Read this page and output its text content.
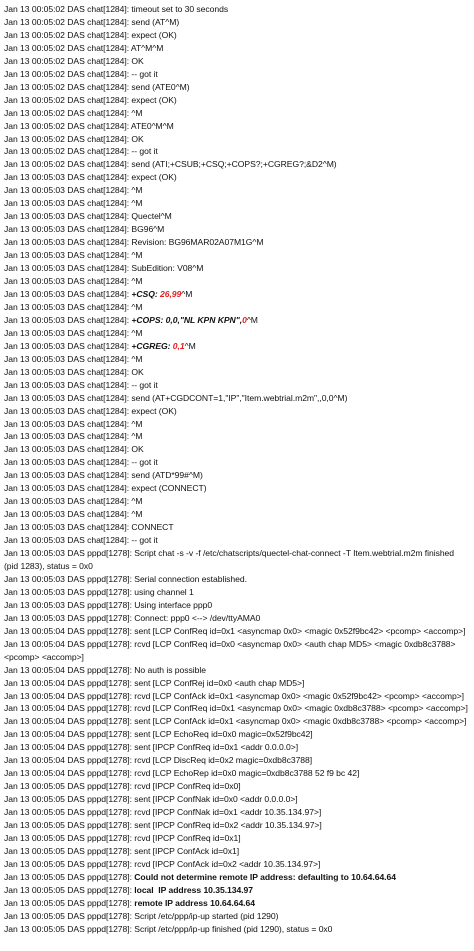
Jan 13 00:05:02 DAS chat[1284]: timeout set to 30 seconds
Jan 13 00:05:02 DAS chat[1284]: send (AT^M)
Jan 13 00:05:02 DAS chat[1284]: expect (OK)
Jan 13 00:05:02 DAS chat[1284]: AT^M^M
Jan 13 00:05:02 DAS chat[1284]: OK
Jan 13 00:05:02 DAS chat[1284]: -- got it
Jan 13 00:05:02 DAS chat[1284]: send (ATE0^M)
Jan 13 00:05:02 DAS chat[1284]: expect (OK)
Jan 13 00:05:02 DAS chat[1284]: ^M
Jan 13 00:05:02 DAS chat[1284]: ATE0^M^M
Jan 13 00:05:02 DAS chat[1284]: OK
Jan 13 00:05:02 DAS chat[1284]: -- got it
Jan 13 00:05:02 DAS chat[1284]: send (ATI;+CSUB;+CSQ;+COPS?;+CGREG?;&D2^M)
Jan 13 00:05:03 DAS chat[1284]: expect (OK)
Jan 13 00:05:03 DAS chat[1284]: ^M
Jan 13 00:05:03 DAS chat[1284]: ^M
Jan 13 00:05:03 DAS chat[1284]: Quectel^M
Jan 13 00:05:03 DAS chat[1284]: BG96^M
Jan 13 00:05:03 DAS chat[1284]: Revision: BG96MAR02A07M1G^M
Jan 13 00:05:03 DAS chat[1284]: ^M
Jan 13 00:05:03 DAS chat[1284]: SubEdition: V08^M
Jan 13 00:05:03 DAS chat[1284]: ^M
Jan 13 00:05:03 DAS chat[1284]: +CSQ: 26,99^M
Jan 13 00:05:03 DAS chat[1284]: ^M
Jan 13 00:05:03 DAS chat[1284]: +COPS: 0,0,"NL KPN KPN",0^M
Jan 13 00:05:03 DAS chat[1284]: ^M
Jan 13 00:05:03 DAS chat[1284]: +CGREG: 0,1^M
Jan 13 00:05:03 DAS chat[1284]: ^M
Jan 13 00:05:03 DAS chat[1284]: OK
Jan 13 00:05:03 DAS chat[1284]: -- got it
Jan 13 00:05:03 DAS chat[1284]: send (AT+CGDCONT=1,"IP","Item.webtrial.m2m",,0,0^M)
Jan 13 00:05:03 DAS chat[1284]: expect (OK)
Jan 13 00:05:03 DAS chat[1284]: ^M
Jan 13 00:05:03 DAS chat[1284]: ^M
Jan 13 00:05:03 DAS chat[1284]: OK
Jan 13 00:05:03 DAS chat[1284]: -- got it
Jan 13 00:05:03 DAS chat[1284]: send (ATD*99#^M)
Jan 13 00:05:03 DAS chat[1284]: expect (CONNECT)
Jan 13 00:05:03 DAS chat[1284]: ^M
Jan 13 00:05:03 DAS chat[1284]: ^M
Jan 13 00:05:03 DAS chat[1284]: CONNECT
Jan 13 00:05:03 DAS chat[1284]: -- got it
Jan 13 00:05:03 DAS pppd[1278]: Script chat -s -v -f /etc/chatscripts/quectel-chat-connect -T Item.webtrial.m2m finished (pid 1283), status = 0x0
Jan 13 00:05:03 DAS pppd[1278]: Serial connection established.
Jan 13 00:05:03 DAS pppd[1278]: using channel 1
Jan 13 00:05:03 DAS pppd[1278]: Using interface ppp0
Jan 13 00:05:03 DAS pppd[1278]: Connect: ppp0 <--> /dev/ttyAMA0
Jan 13 00:05:04 DAS pppd[1278]: sent [LCP ConfReq id=0x1 <asyncmap 0x0> <magic 0x52f9bc42> <pcomp> <accomp>]
Jan 13 00:05:04 DAS pppd[1278]: rcvd [LCP ConfReq id=0x0 <asyncmap 0x0> <auth chap MD5> <magic 0xdb8c3788> <pcomp> <accomp>]
Jan 13 00:05:04 DAS pppd[1278]: No auth is possible
Jan 13 00:05:04 DAS pppd[1278]: sent [LCP ConfRej id=0x0 <auth chap MD5>]
Jan 13 00:05:04 DAS pppd[1278]: rcvd [LCP ConfAck id=0x1 <asyncmap 0x0> <magic 0x52f9bc42> <pcomp> <accomp>]
Jan 13 00:05:04 DAS pppd[1278]: rcvd [LCP ConfReq id=0x1 <asyncmap 0x0> <magic 0xdb8c3788> <pcomp> <accomp>]
Jan 13 00:05:04 DAS pppd[1278]: sent [LCP ConfAck id=0x1 <asyncmap 0x0> <magic 0xdb8c3788> <pcomp> <accomp>]
Jan 13 00:05:04 DAS pppd[1278]: sent [LCP EchoReq id=0x0 magic=0x52f9bc42]
Jan 13 00:05:04 DAS pppd[1278]: sent [IPCP ConfReq id=0x1 <addr 0.0.0.0>]
Jan 13 00:05:04 DAS pppd[1278]: rcvd [LCP DiscReq id=0x2 magic=0xdb8c3788]
Jan 13 00:05:04 DAS pppd[1278]: rcvd [LCP EchoRep id=0x0 magic=0xdb8c3788 52 f9 bc 42]
Jan 13 00:05:05 DAS pppd[1278]: rcvd [IPCP ConfReq id=0x0]
Jan 13 00:05:05 DAS pppd[1278]: sent [IPCP ConfNak id=0x0 <addr 0.0.0.0>]
Jan 13 00:05:05 DAS pppd[1278]: rcvd [IPCP ConfNak id=0x1 <addr 10.35.134.97>]
Jan 13 00:05:05 DAS pppd[1278]: sent [IPCP ConfReq id=0x2 <addr 10.35.134.97>]
Jan 13 00:05:05 DAS pppd[1278]: rcvd [IPCP ConfReq id=0x1]
Jan 13 00:05:05 DAS pppd[1278]: sent [IPCP ConfAck id=0x1]
Jan 13 00:05:05 DAS pppd[1278]: rcvd [IPCP ConfAck id=0x2 <addr 10.35.134.97>]
Jan 13 00:05:05 DAS pppd[1278]: Could not determine remote IP address: defaulting to 10.64.64.64
Jan 13 00:05:05 DAS pppd[1278]: local  IP address 10.35.134.97
Jan 13 00:05:05 DAS pppd[1278]: remote IP address 10.64.64.64
Jan 13 00:05:05 DAS pppd[1278]: Script /etc/ppp/ip-up started (pid 1290)
Jan 13 00:05:05 DAS pppd[1278]: Script /etc/ppp/ip-up finished (pid 1290), status = 0x0
